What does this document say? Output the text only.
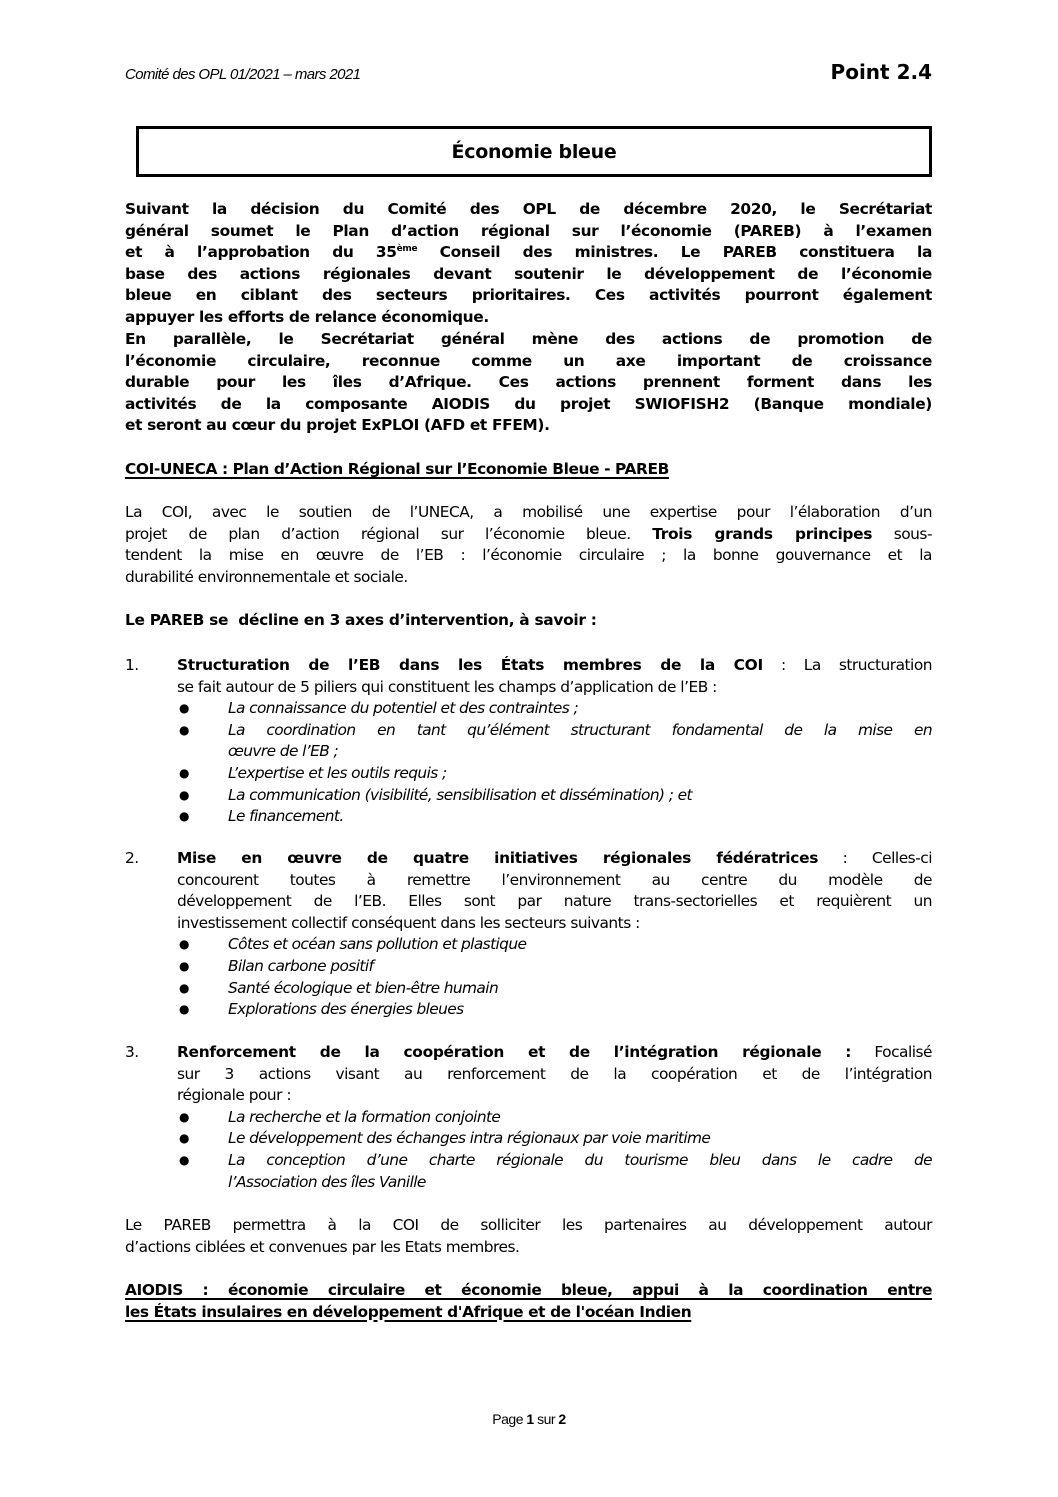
Comité des OPL 01/2021 – mars 2021	Point 2.4
Économie bleue
Suivant la décision du Comité des OPL de décembre 2020, le Secrétariat
général soumet le Plan d’action régional sur l’économie (PAREB) à l’examen
et à l’approbation du 35ème Conseil des ministres. Le PAREB constituera la
base des actions régionales devant soutenir le développement de l’économie
bleue en ciblant des secteurs prioritaires. Ces activités pourront également
appuyer les efforts de relance économique.
En parallèle, le Secrétariat général mène des actions de promotion de
l’économie circulaire, reconnue comme un axe important de croissance
durable pour les îles d’Afrique. Ces actions prennent forment dans les
activités de la composante AIODIS du projet SWIOFISH2 (Banque mondiale)
et seront au cœur du projet ExPLOI (AFD et FFEM).
COI-UNECA : Plan d’Action Régional sur l’Economie Bleue - PAREB
La COI, avec le soutien de l’UNECA, a mobilisé une expertise pour l’élaboration d’un
projet de plan d’action régional sur l’économie bleue. Trois grands principes sous-
tendent la mise en œuvre de l’EB : l’économie circulaire ; la bonne gouvernance et la
durabilité environnementale et sociale.
Le PAREB se  décline en 3 axes d’intervention, à savoir :
1. Structuration de l’EB dans les États membres de la COI : La structuration
se fait autour de 5 piliers qui constituent les champs d’application de l’EB :
●	La connaissance du potentiel et des contraintes ;
●	La coordination en tant qu’élément structurant fondamental de la mise en
œuvre de l’EB ;
●	L’expertise et les outils requis ;
●	La communication (visibilité, sensibilisation et dissémination) ; et
●	Le financement.
2. Mise en œuvre de quatre initiatives régionales fédératrices : Celles-ci
concourent toutes à remettre l’environnement au centre du modèle de
développement de l’EB. Elles sont par nature trans-sectorielles et requièrent un
investissement collectif conséquent dans les secteurs suivants :
●	Côtes et océan sans pollution et plastique
●	Bilan carbone positif
●	Santé écologique et bien-être humain
●	Explorations des énergies bleues
3. Renforcement de la coopération et de l’intégration régionale : Focalisé
sur 3 actions visant au renforcement de la coopération et de l’intégration
régionale pour :
●	La recherche et la formation conjointe
●	Le développement des échanges intra régionaux par voie maritime
●	La conception d’une charte régionale du tourisme bleu dans le cadre de
l’Association des îles Vanille
Le PAREB permettra à la COI de solliciter les partenaires au développement autour
d’actions ciblées et convenues par les Etats membres.
AIODIS : économie circulaire et économie bleue, appui à la coordination entre
les États insulaires en développement d'Afrique et de l'océan Indien
Page 1 sur 2
